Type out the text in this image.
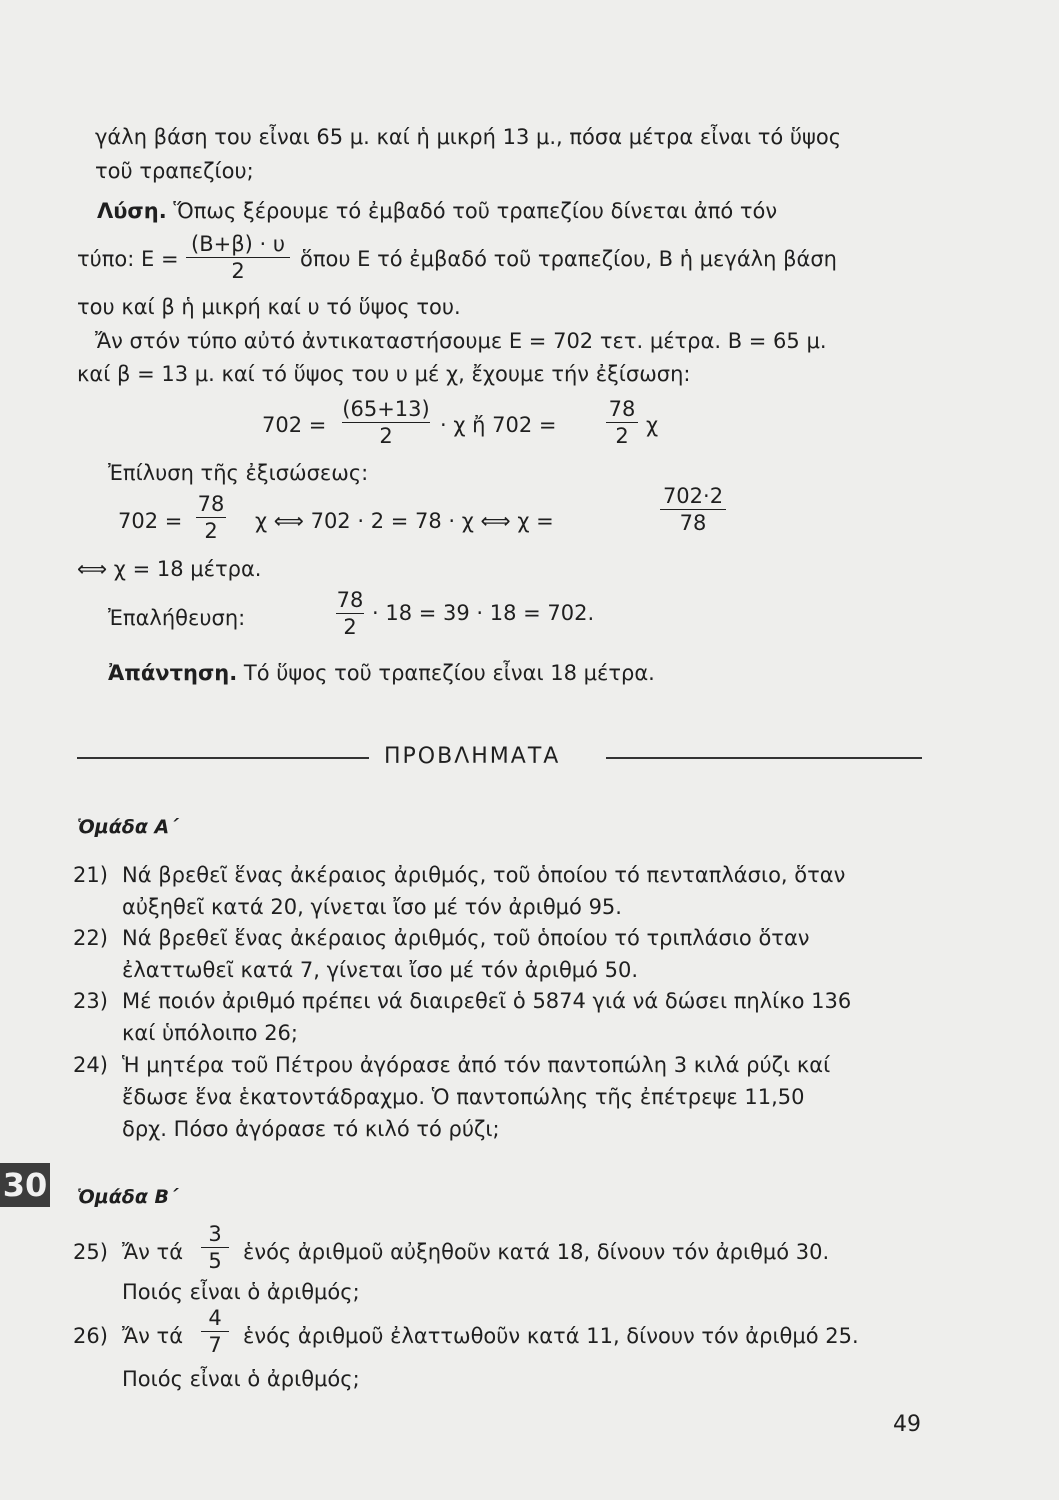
γάλη βάση του εἶναι 65 μ. καί ἡ μικρή 13 μ., πόσα μέτρα εἶναι τό ὕψος
τοῦ τραπεζίου;
Λύση. Ὅπως ξέρουμε τό ἐμβαδό τοῦ τραπεζίου δίνεται ἀπό τόν
τύπο: E =
(B+β) · υ
2	ὅπου E τό ἐμβαδό τοῦ τραπεζίου, B ἡ μεγάλη βάση
του καί β ἡ μικρή καί υ τό ὕψος του.
Ἄν στόν τύπο αὐτό ἀντικαταστήσουμε E = 702 τετ. μέτρα. B = 65 μ.
καί β = 13 μ. καί τό ὕψος του υ μέ χ, ἔχουμε τήν ἐξίσωση:
702 =
(65+13)
2	· χ ἤ 702 =
78
2 χ
Ἐπίλυση τῆς ἐξισώσεως:
702 =
78
2	χ ⟺ 702 · 2 = 78 · χ ⟺ χ =
702·2
78
⟺ χ = 18 μέτρα.
Ἐπαλήθευση:
78
2
· 18 = 39 · 18 = 702.
Ἀπάντηση. Τό ὕψος τοῦ τραπεζίου εἶναι 18 μέτρα.
ΠΡΟΒΛΗΜΑΤΑ
Ὁμάδα Α΄
21) Νά βρεθεῖ ἕνας ἀκέραιος ἀριθμός, τοῦ ὁποίου τό πενταπλάσιο, ὅταν
αὐξηθεῖ κατά 20, γίνεται ἴσο μέ τόν ἀριθμό 95.
22) Νά βρεθεῖ ἕνας ἀκέραιος ἀριθμός, τοῦ ὁποίου τό τριπλάσιο ὅταν
ἐλαττωθεῖ κατά 7, γίνεται ἴσο μέ τόν ἀριθμό 50.
23) Μέ ποιόν ἀριθμό πρέπει νά διαιρεθεῖ ὁ 5874 γιά νά δώσει πηλίκο 136
καί ὑπόλοιπο 26;
24) Ἡ μητέρα τοῦ Πέτρου ἀγόρασε ἀπό τόν παντοπώλη 3 κιλά ρύζι καί
ἔδωσε ἕνα ἑκατοντάδραχμο. Ὁ παντοπώλης τῆς ἐπέτρεψε 11,50
δρχ. Πόσο ἀγόρασε τό κιλό τό ρύζι;
30 Ὁμάδα Β΄
25) Ἄν τά
3
5	ἑνός ἀριθμοῦ αὐξηθοῦν κατά 18, δίνουν τόν ἀριθμό 30.
Ποιός εἶναι ὁ ἀριθμός;
26) Ἄν τά
4
7	ἑνός ἀριθμοῦ ἐλαττωθοῦν κατά 11, δίνουν τόν ἀριθμό 25.
Ποιός εἶναι ὁ ἀριθμός;
49
